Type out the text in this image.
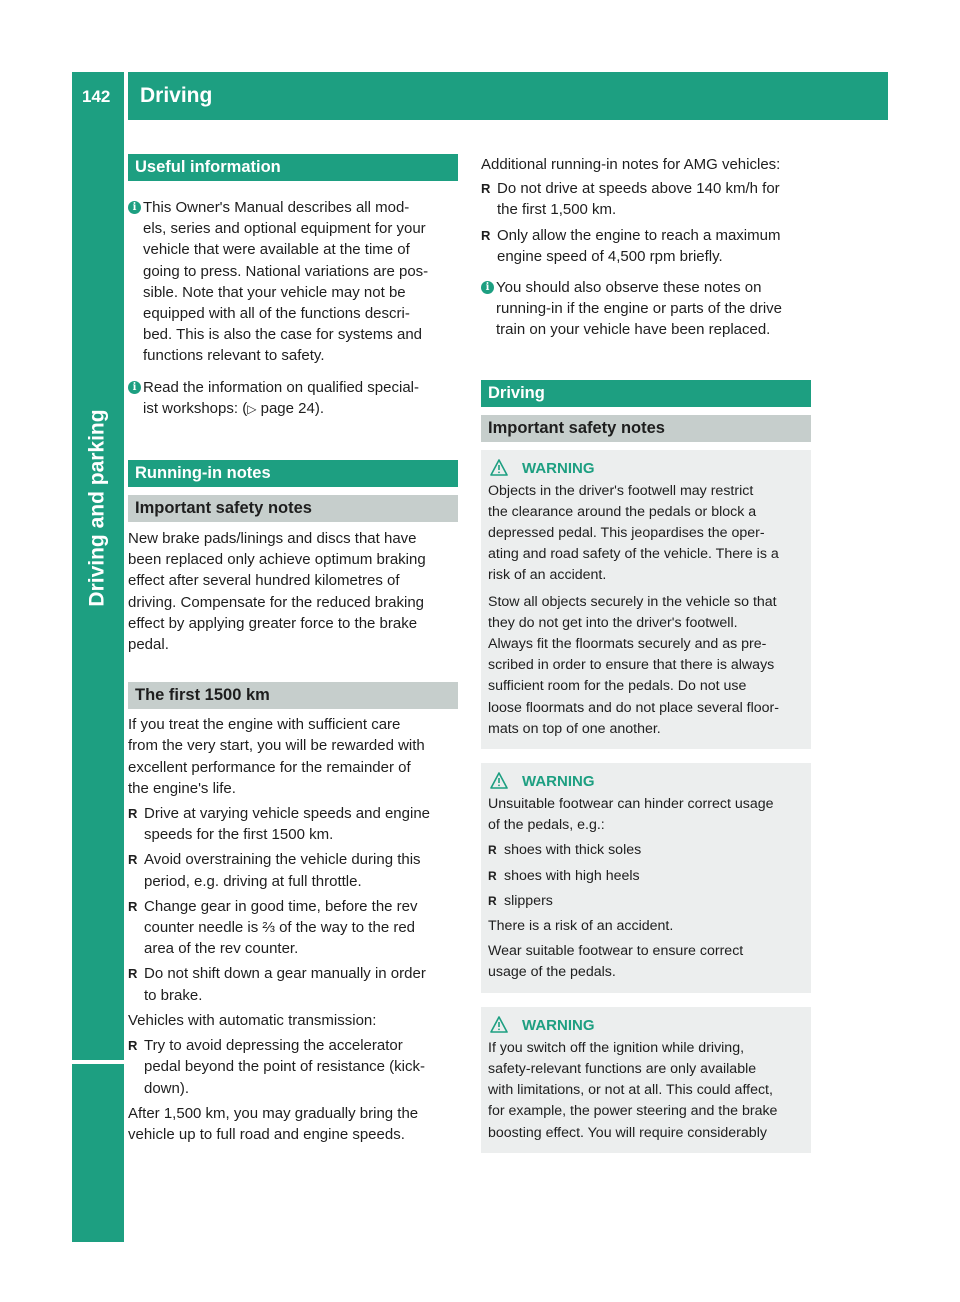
142 Driving
Driving and parking
Useful information
i This Owner's Manual describes all mod-

els, series and optional equipment for your

vehicle that were available at the time of

going to press. National variations are pos-

sible. Note that your vehicle may not be

equipped with all of the functions descri-

bed. This is also the case for systems and

functions relevant to safety.

i Read the information on qualified special-

ist workshops: (▷ page 24).

Running-in notes
Important safety notes

New brake pads/linings and discs that have

been replaced only achieve optimum braking

effect after several hundred kilometres of

driving. Compensate for the reduced braking

effect by applying greater force to the brake

pedal.

The first 1500 km

If you treat the engine with sufficient care

from the very start, you will be rewarded with

excellent performance for the remainder of

the engine's life.

R Drive at varying vehicle speeds and engine

speeds for the first 1500 km.

R Avoid overstraining the vehicle during this

period, e.g. driving at full throttle.

R Change gear in good time, before the rev

counter needle is ⅔ of the way to the red

area of the rev counter.

R Do not shift down a gear manually in order

to brake.

Vehicles with automatic transmission:

R Try to avoid depressing the accelerator

pedal beyond the point of resistance (kick-

down).

After 1,500 km, you may gradually bring the

vehicle up to full road and engine speeds.

Additional running-in notes for AMG vehicles:

R Do not drive at speeds above 140 km/h for

the first 1,500 km.

R Only allow the engine to reach a maximum

engine speed of 4,500 rpm briefly.

i You should also observe these notes on

running-in if the engine or parts of the drive

train on your vehicle have been replaced.

Driving
Important safety notes
WARNING

Objects in the driver's footwell may restrict

the clearance around the pedals or block a

depressed pedal. This jeopardises the oper-

ating and road safety of the vehicle. There is a

risk of an accident.

Stow all objects securely in the vehicle so that

they do not get into the driver's footwell.

Always fit the floormats securely and as pre-

scribed in order to ensure that there is always

sufficient room for the pedals. Do not use

loose floormats and do not place several floor-

mats on top of one another.

WARNING

Unsuitable footwear can hinder correct usage

of the pedals, e.g.:

R shoes with thick soles

R shoes with high heels

R slippers

There is a risk of an accident.

Wear suitable footwear to ensure correct

usage of the pedals.

WARNING

If you switch off the ignition while driving,

safety-relevant functions are only available

with limitations, or not at all. This could affect,

for example, the power steering and the brake

boosting effect. You will require considerably
